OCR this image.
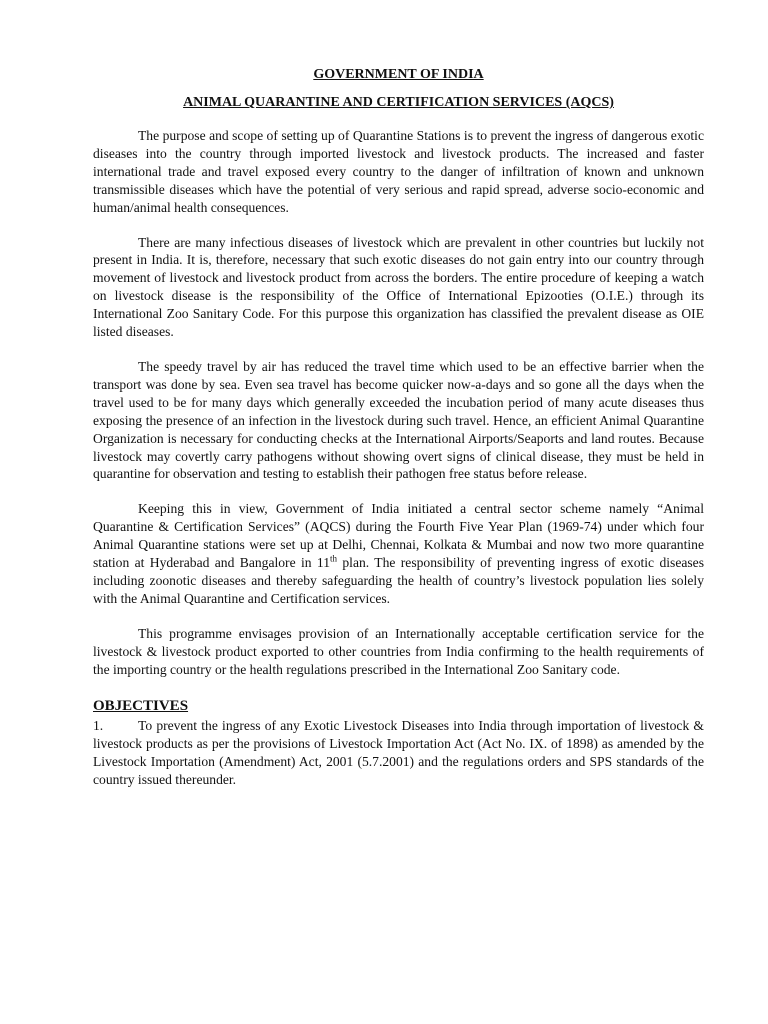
GOVERNMENT OF INDIA

ANIMAL QUARANTINE AND CERTIFICATION SERVICES (AQCS)

The purpose and scope of setting up of Quarantine Stations is to prevent the ingress of dangerous exotic diseases into the country through imported livestock and livestock products. The increased and faster international trade and travel exposed every country to the danger of infiltration of known and unknown transmissible diseases which have the potential of very serious and rapid spread, adverse socio-economic and human/animal health consequences.

There are many infectious diseases of livestock which are prevalent in other countries but luckily not present in India. It is, therefore, necessary that such exotic diseases do not gain entry into our country through movement of livestock and livestock product from across the borders. The entire procedure of keeping a watch on livestock disease is the responsibility of the Office of International Epizooties (O.I.E.) through its International Zoo Sanitary Code. For this purpose this organization has classified the prevalent disease as OIE listed diseases.

The speedy travel by air has reduced the travel time which used to be an effective barrier when the transport was done by sea. Even sea travel has become quicker now-a-days and so gone all the days when the travel used to be for many days which generally exceeded the incubation period of many acute diseases thus exposing the presence of an infection in the livestock during such travel. Hence, an efficient Animal Quarantine Organization is necessary for conducting checks at the International Airports/Seaports and land routes. Because livestock may covertly carry pathogens without showing overt signs of clinical disease, they must be held in quarantine for observation and testing to establish their pathogen free status before release.

Keeping this in view, Government of India initiated a central sector scheme namely “Animal Quarantine & Certification Services” (AQCS) during the Fourth Five Year Plan (1969-74) under which four Animal Quarantine stations were set up at Delhi, Chennai, Kolkata & Mumbai and now two more quarantine station at Hyderabad and Bangalore in 11th plan. The responsibility of preventing ingress of exotic diseases including zoonotic diseases and thereby safeguarding the health of country’s livestock population lies solely with the Animal Quarantine and Certification services.

This programme envisages provision of an Internationally acceptable certification service for the livestock & livestock product exported to other countries from India confirming to the health requirements of the importing country or the health regulations prescribed in the International Zoo Sanitary code.

OBJECTIVES

1.	To prevent the ingress of any Exotic Livestock Diseases into India through importation of livestock & livestock products as per the provisions of Livestock Importation Act (Act No. IX. of 1898) as amended by the Livestock Importation (Amendment) Act, 2001 (5.7.2001) and the regulations orders and SPS standards of the country issued thereunder.
